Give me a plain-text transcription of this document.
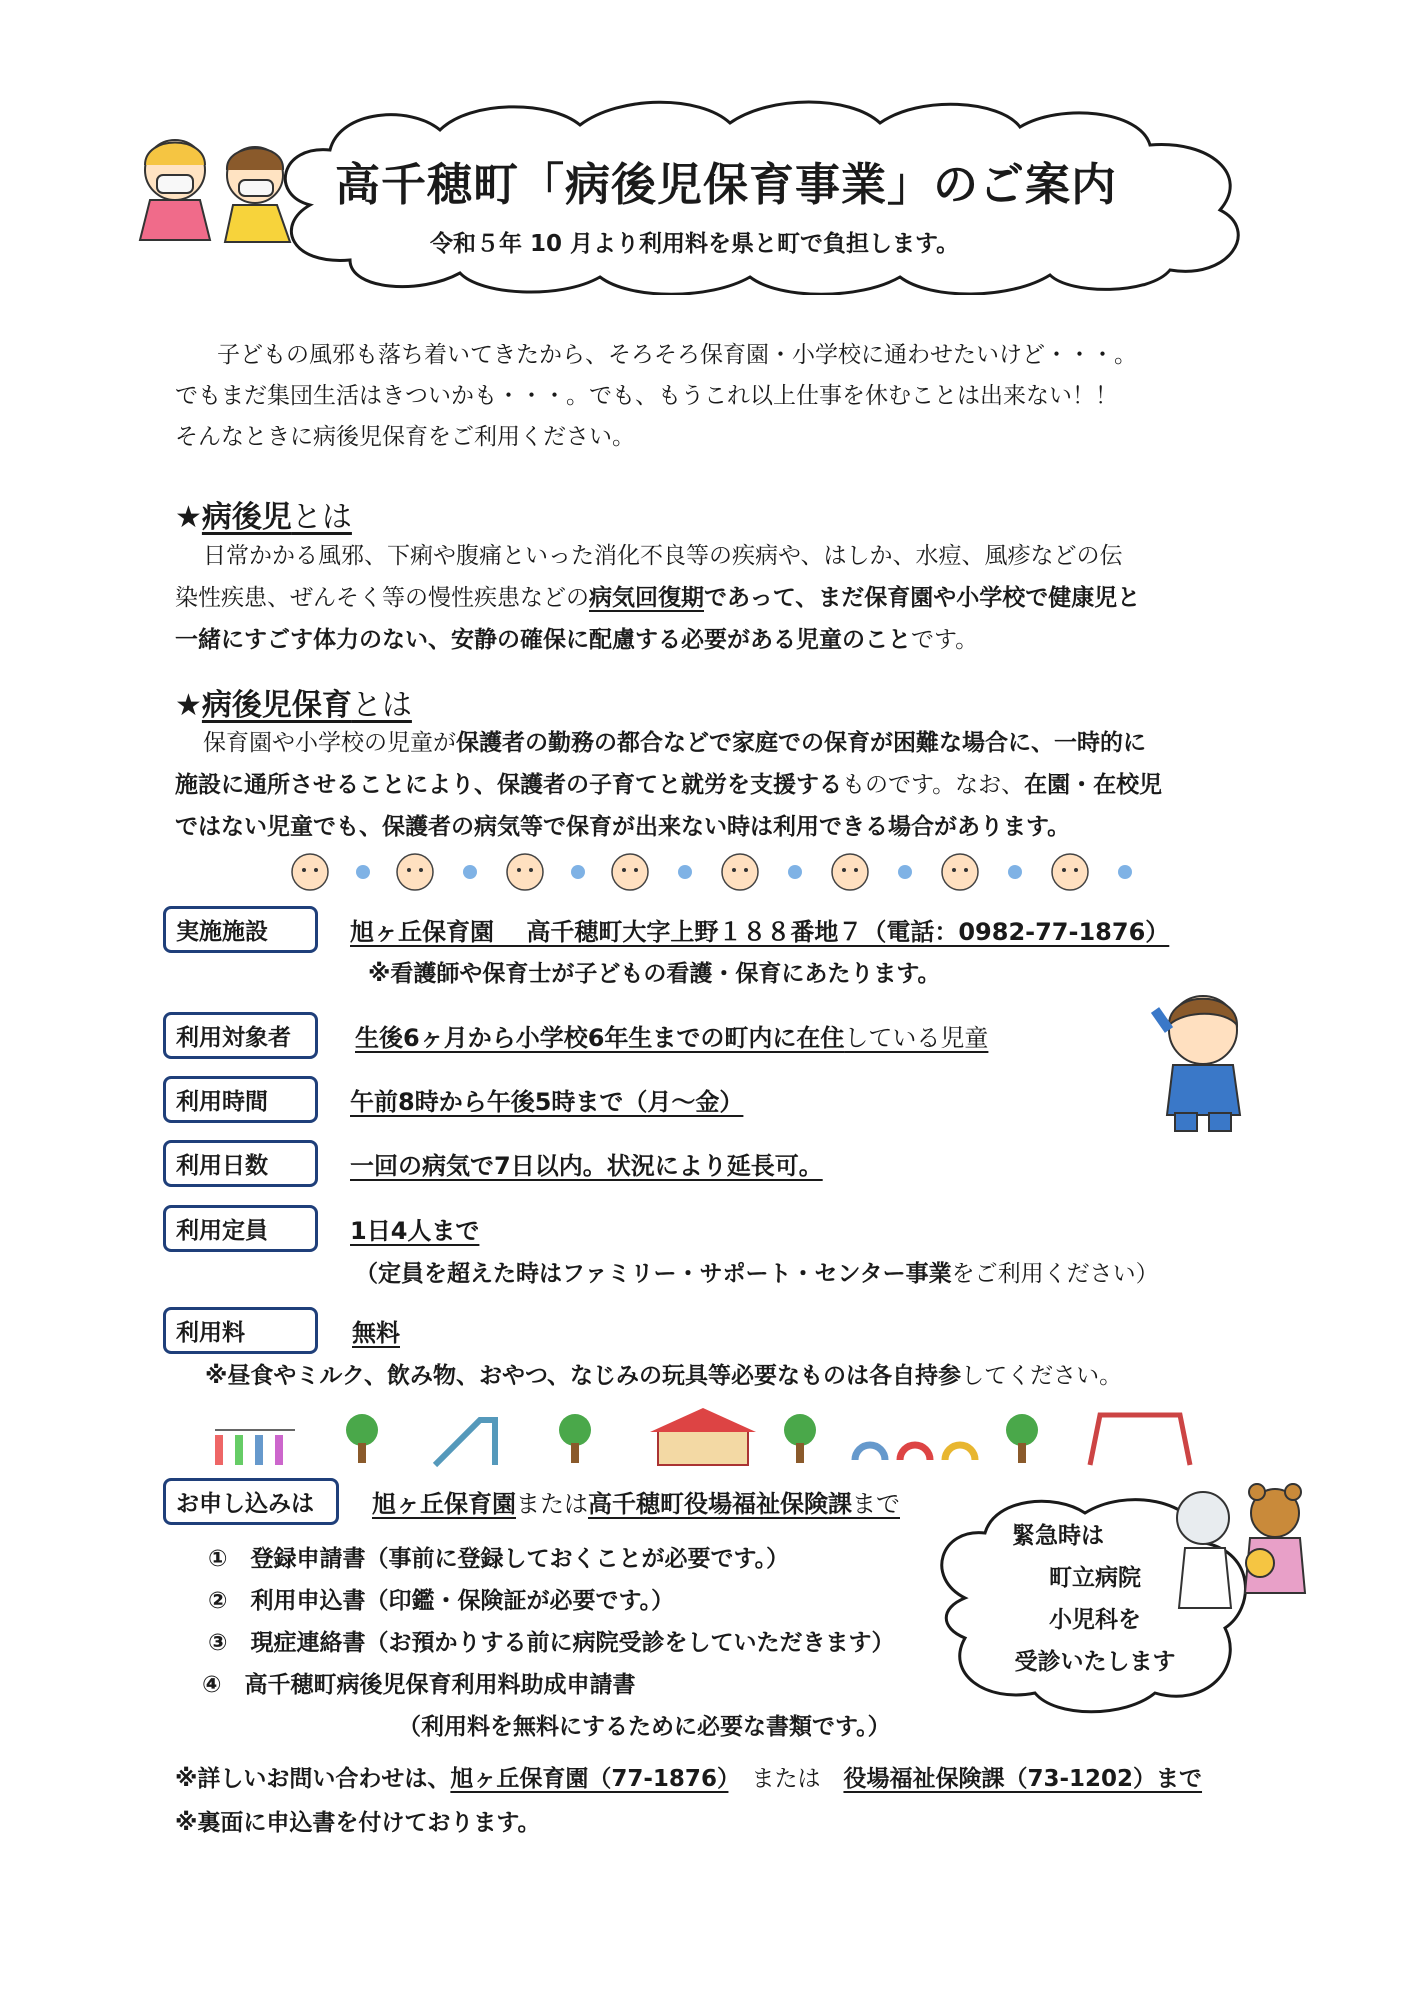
高千穂町「病後児保育事業」のご案内
令和５年 10 月より利用料を県と町で負担します。

子どもの風邪も落ち着いてきたから、そろそろ保育園・小学校に通わせたいけど・・・。

でもまだ集団生活はきついかも・・・。でも、もうこれ以上仕事を休むことは出来ない！！

そんなときに病後児保育をご利用ください。

★病後児とは

日常かかる風邪、下痢や腹痛といった消化不良等の疾病や、はしか、水痘、風疹などの伝

染性疾患、ぜんそく等の慢性疾患などの病気回復期であって、まだ保育園や小学校で健康児と

一緒にすごす体力のない、安静の確保に配慮する必要がある児童のことです。

★病後児保育とは

保育園や小学校の児童が保護者の勤務の都合などで家庭での保育が困難な場合に、一時的に

施設に通所させることにより、保護者の子育てと就労を支援するものです。なお、在園・在校児

ではない児童でも、保護者の病気等で保育が出来ない時は利用できる場合があります。

実施施設	旭ヶ丘保育園　 高千穂町大字上野１８８番地７（電話：0982-77-1876）
※看護師や保育士が子どもの看護・保育にあたります。
利用対象者	生後6ヶ月から小学校6年生までの町内に在住している児童
利用時間	午前8時から午後5時まで（月～金）
利用日数	一回の病気で7日以内。状況により延長可。
利用定員	1日4人まで
（定員を超えた時はファミリー・サポート・センター事業をご利用ください）
利用料	無料
※昼食やミルク、飲み物、おやつ、なじみの玩具等必要なものは各自持参してください。
お申し込みは	旭ヶ丘保育園または高千穂町役場福祉保険課まで

①　登録申請書（事前に登録しておくことが必要です。）

②　利用申込書（印鑑・保険証が必要です。）

③　現症連絡書（お預かりする前に病院受診をしていただきます）

④　高千穂町病後児保育利用料助成申請書

（利用料を無料にするために必要な書類です。）

緊急時は
町立病院
小児科を
受診いたします
※詳しいお問い合わせは、旭ヶ丘保育園（77-1876）　または　役場福祉保険課（73-1202）まで
※裏面に申込書を付けております。
